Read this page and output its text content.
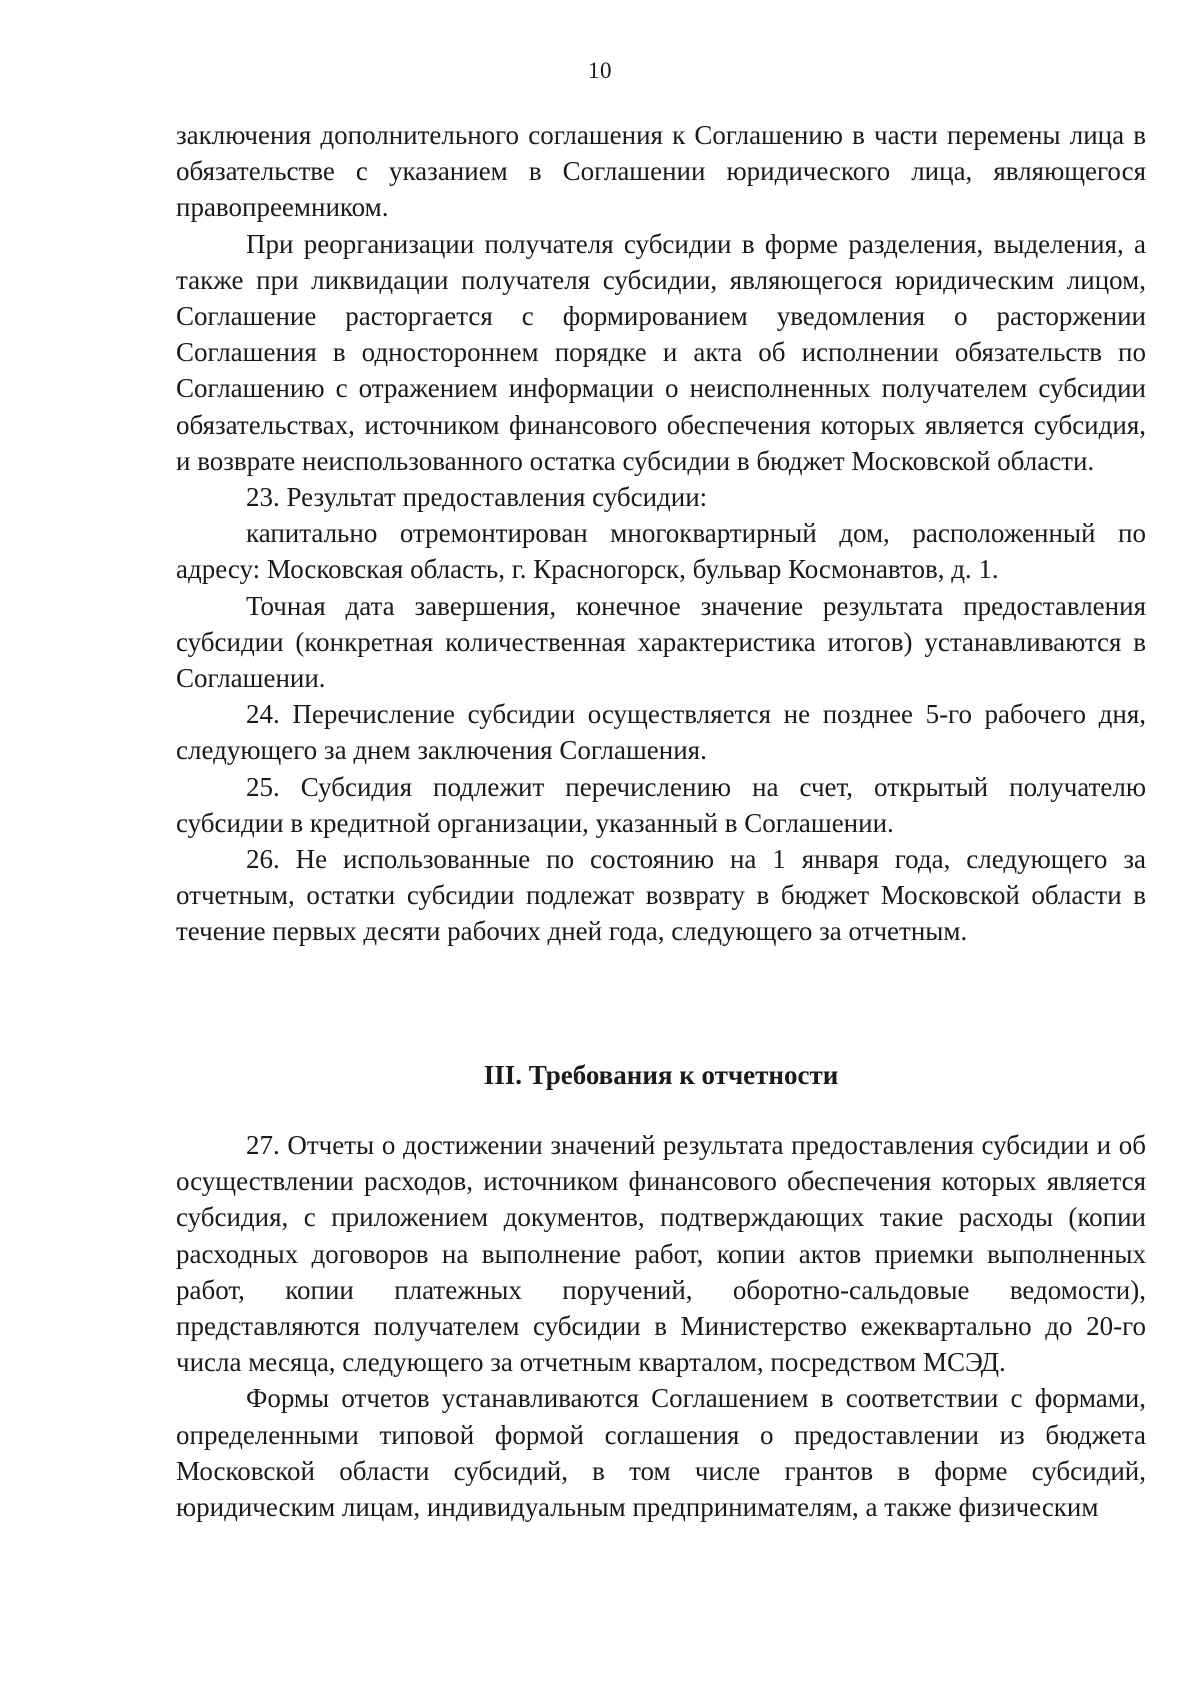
10

заключения дополнительного соглашения к Соглашению в части перемены лица в обязательстве с указанием в Соглашении юридического лица, являющегося правопреемником.

При реорганизации получателя субсидии в форме разделения, выделения, а также при ликвидации получателя субсидии, являющегося юридическим лицом, Соглашение расторгается с формированием уведомления о расторжении Соглашения в одностороннем порядке и акта об исполнении обязательств по Соглашению с отражением информации о неисполненных получателем субсидии обязательствах, источником финансового обеспечения которых является субсидия, и возврате неиспользованного остатка субсидии в бюджет Московской области.

23. Результат предоставления субсидии:

капитально отремонтирован многоквартирный дом, расположенный по адресу: Московская область, г. Красногорск, бульвар Космонавтов, д. 1.

Точная дата завершения, конечное значение результата предоставления субсидии (конкретная количественная характеристика итогов) устанавливаются в Соглашении.

24. Перечисление субсидии осуществляется не позднее 5-го рабочего дня, следующего за днем заключения Соглашения.

25. Субсидия подлежит перечислению на счет, открытый получателю субсидии в кредитной организации, указанный в Соглашении.

26. Не использованные по состоянию на 1 января года, следующего за отчетным, остатки субсидии подлежат возврату в бюджет Московской области в течение первых десяти рабочих дней года, следующего за отчетным.

III. Требования к отчетности

27. Отчеты о достижении значений результата предоставления субсидии и об осуществлении расходов, источником финансового обеспечения которых является субсидия, с приложением документов, подтверждающих такие расходы (копии расходных договоров на выполнение работ, копии актов приемки выполненных работ, копии платежных поручений, оборотно-сальдовые ведомости), представляются получателем субсидии в Министерство ежеквартально до 20-го числа месяца, следующего за отчетным кварталом, посредством МСЭД.

Формы отчетов устанавливаются Соглашением в соответствии с формами, определенными типовой формой соглашения о предоставлении из бюджета Московской области субсидий, в том числе грантов в форме субсидий, юридическим лицам, индивидуальным предпринимателям, а также физическим
